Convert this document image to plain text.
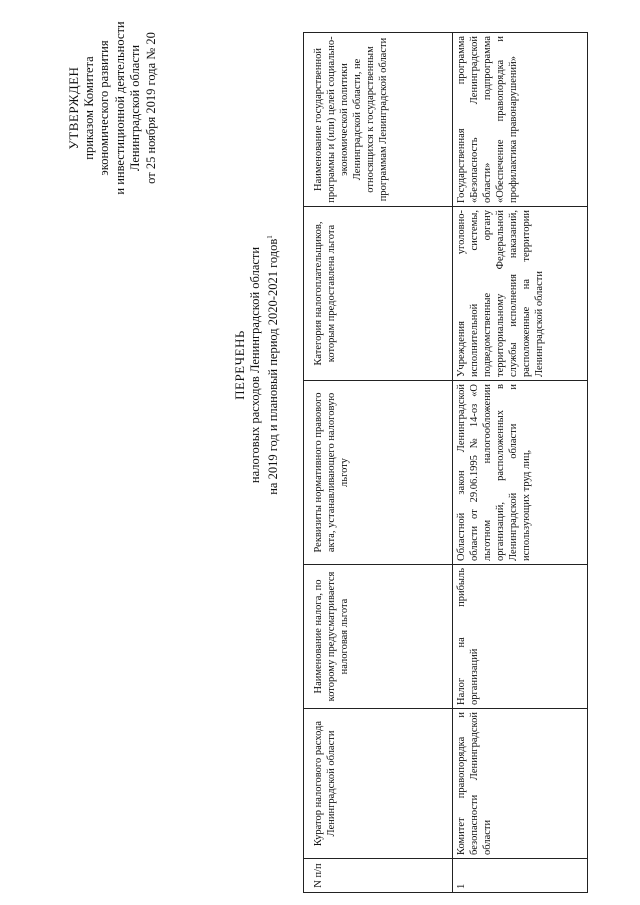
УТВЕРЖДЕН приказом Комитета экономического развития и инвестиционной деятельности Ленинградской области от 25 ноября 2019 года № 20
ПЕРЕЧЕНЬ налоговых расходов Ленинградской области на 2019 год и плановый период 2020-2021 годов$^1$
N п/п	Куратор налогового расхода Ленинградской области	Наименование налога, по которому предусматривается налоговая льгота	Реквизиты нормативного правового акта, устанавливающего налоговую льготу	Категория налогоплательщиков, которым предоставлена льгота	Наименование государственной программы и (или) целей социально-экономической политики Ленинградской области, не относящихся к государственным программам Ленинградской области
1	Комитет правопорядка и безопасности Ленинградской области	Налог на прибыль организаций	Областной закон Ленинградской области от 29.06.1995 № 14-оз «О льготном налогообложении организаций, расположенных в Ленинградской области и использующих труд лиц,	Учреждения уголовно-исполнительной системы, подведомственные органу территориальному Федеральной службы исполнения наказаний, расположенные на территории Ленинградской области	Государственная программа «Безопасность Ленинградской области» подпрограмма «Обеспечение правопорядка и профилактика правонарушений»
